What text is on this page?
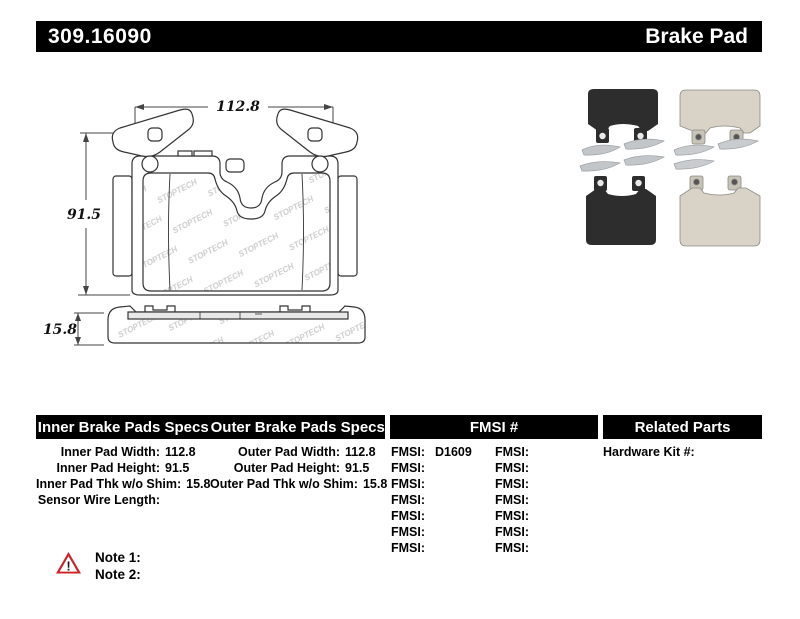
309.16090	Brake Pad
112.8
91.5
15.8
Inner Brake Pads Specs Outer Brake Pads Specs	FMSI #	Related Parts
Inner Pad Width: 112.8
Inner Pad Height: 91.5
Inner Pad Thk w/o Shim: 15.8
Sensor Wire Length:
Outer Pad Width: 112.8
Outer Pad Height: 91.5
Outer Pad Thk w/o Shim: 15.8
FMSI: D1609
FMSI:
FMSI:
FMSI:
FMSI:
FMSI:
FMSI:
FMSI:
FMSI:
FMSI:
FMSI:
FMSI:
FMSI:
FMSI:
Hardware Kit #:
!
Note 1:
Note 2:
